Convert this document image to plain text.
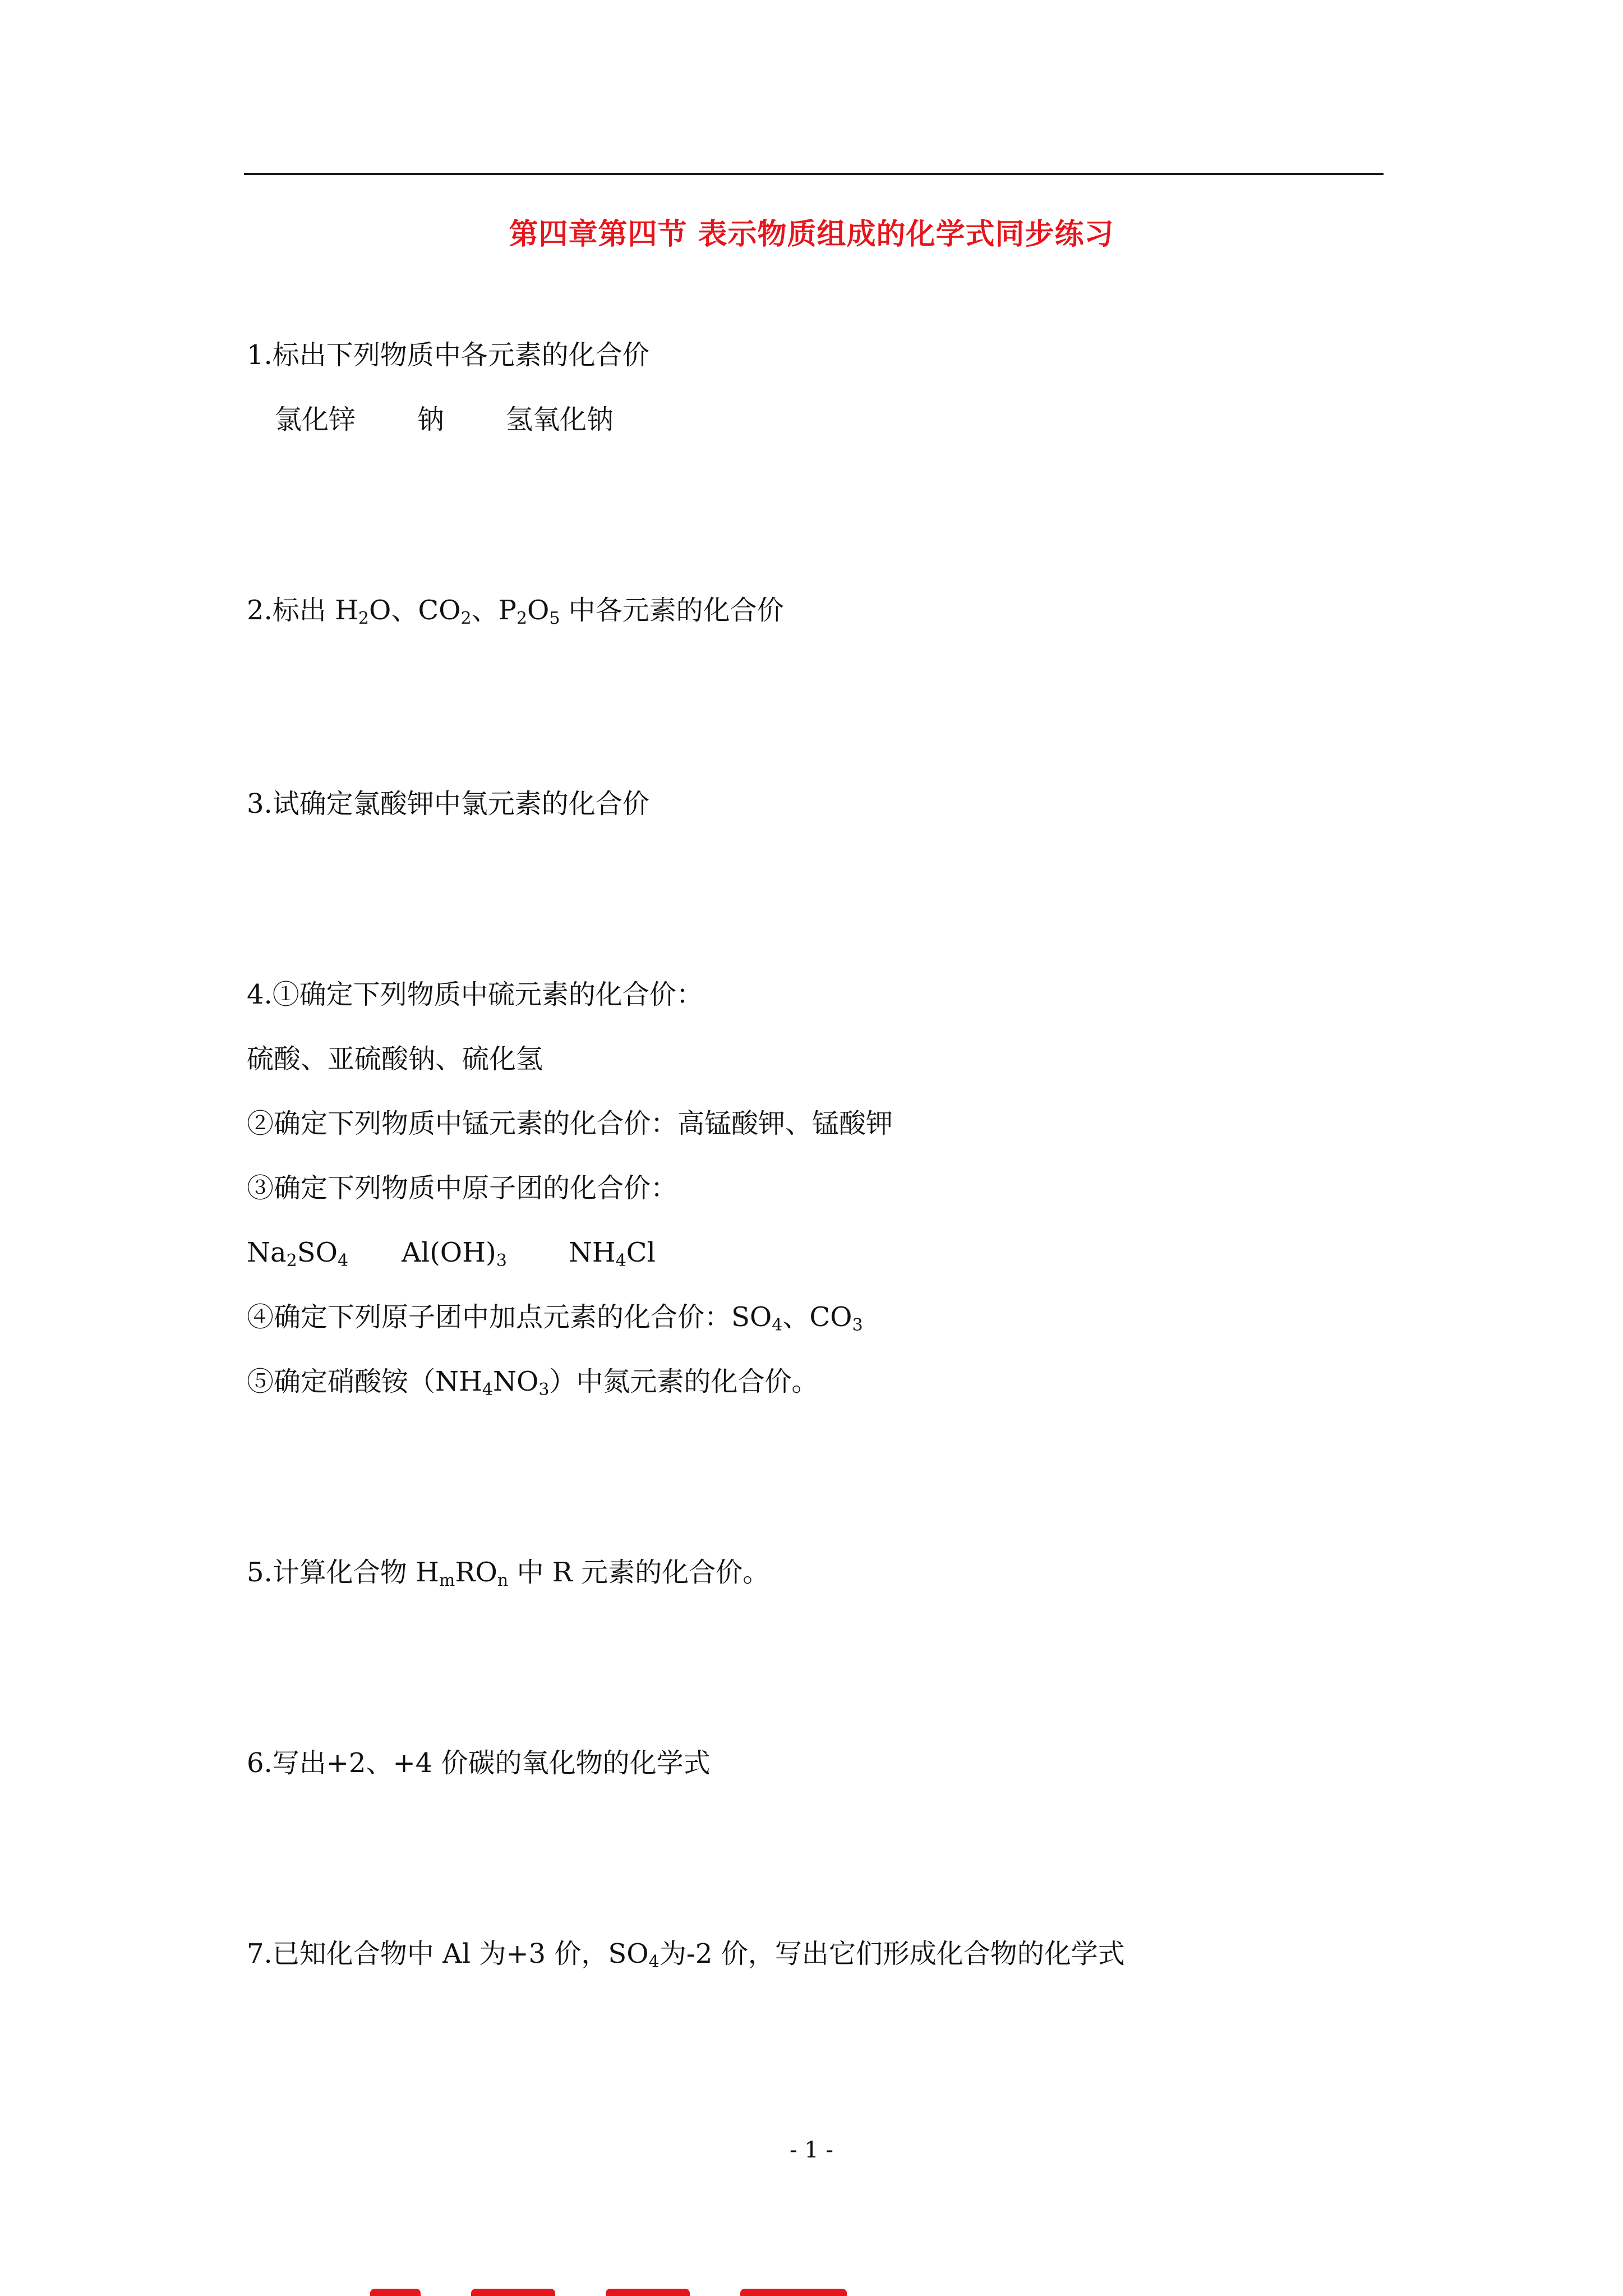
第四章第四节 表示物质组成的化学式同步练习
1.标出下列物质中各元素的化合价
氯化锌 钠 氢氧化钠
2.标出 $H_2O$、$CO_2$、$P_2O_5$ 中各元素的化合价
3.试确定氯酸钾中氯元素的化合价
4.①确定下列物质中硫元素的化合价：
硫酸、亚硫酸钠、硫化氢
②确定下列物质中锰元素的化合价：高锰酸钾、锰酸钾
③确定下列物质中原子团的化合价：
$Na_2SO_4$ $Al(OH)_3$ $NH_4Cl$
④确定下列原子团中加点元素的化合价：$SO_4$、$CO_3$
⑤确定硝酸铵$(NH_4NO_3)$中氮元素的化合价。
5.计算化合物 $H_mRO_n$ 中 R 元素的化合价。
6.写出+2、+4 价碳的氧化物的化学式
7.已知化合物中 Al 为+3 价，$SO_4$为-2 价，写出它们形成化合物的化学式
- 1 -
